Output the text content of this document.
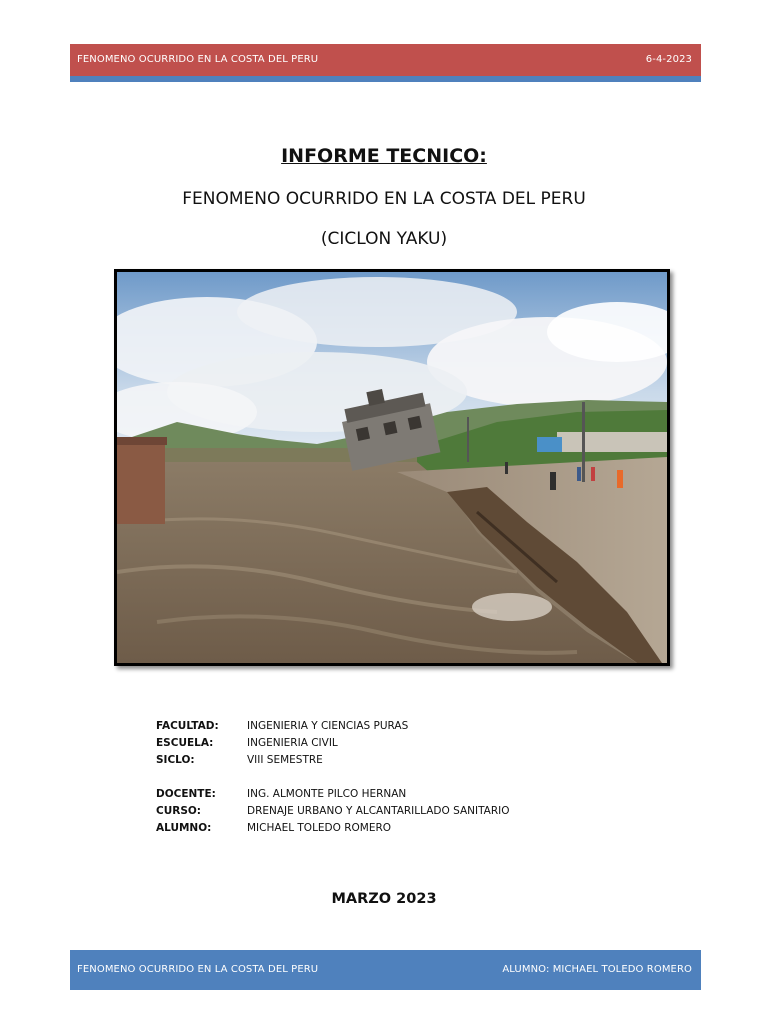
FENOMENO OCURRIDO EN LA COSTA DEL PERU	6-4-2023
INFORME TECNICO:
FENOMENO OCURRIDO EN LA COSTA DEL PERU
(CICLON YAKU)
FACULTAD:	INGENIERIA Y CIENCIAS PURAS
ESCUELA:	INGENIERIA CIVIL
SICLO:	VIII SEMESTRE
DOCENTE:	ING. ALMONTE PILCO HERNAN
CURSO:	DRENAJE URBANO Y ALCANTARILLADO SANITARIO
ALUMNO:	MICHAEL TOLEDO ROMERO
MARZO 2023
FENOMENO OCURRIDO EN LA COSTA DEL PERU	ALUMNO: MICHAEL TOLEDO ROMERO
